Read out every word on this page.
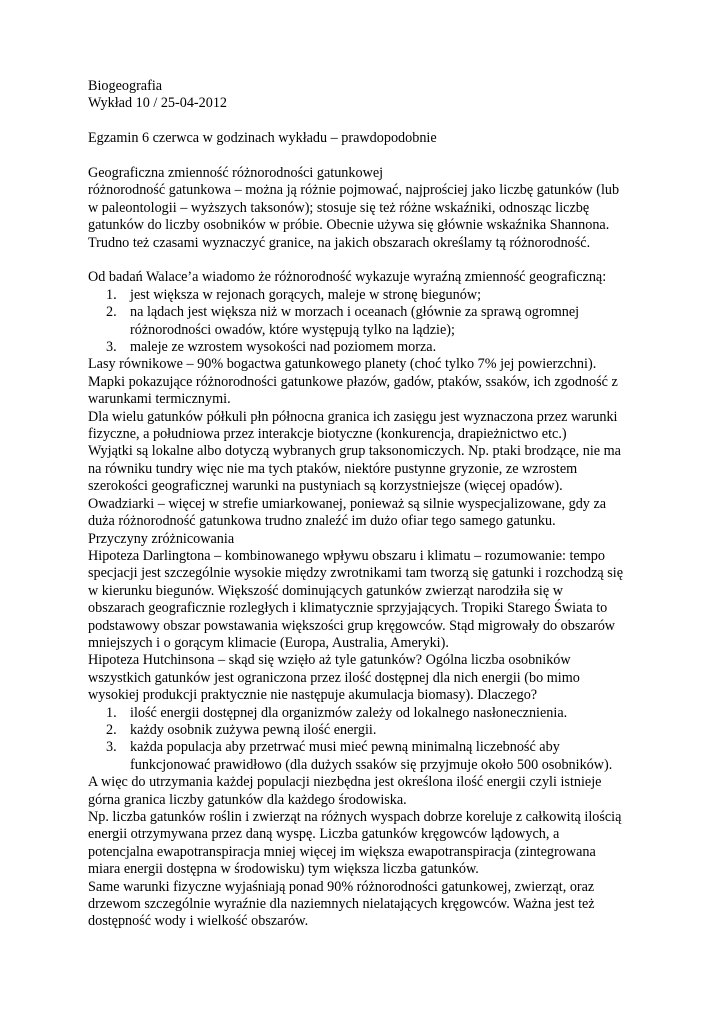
Biogeografia

Wykład 10 / 25-04-2012

Egzamin 6 czerwca w godzinach wykładu – prawdopodobnie

Geograficzna zmienność różnorodności gatunkowej

różnorodność gatunkowa – można ją różnie pojmować, najprościej jako liczbę gatunków (lub

w paleontologii – wyższych taksonów); stosuje się też różne wskaźniki, odnosząc liczbę

gatunków do liczby osobników w próbie. Obecnie używa się głównie wskaźnika Shannona.

Trudno też czasami wyznaczyć granice, na jakich obszarach określamy tą różnorodność.

Od badań Walace’a wiadomo że różnorodność wykazuje wyraźną zmienność geograficzną:

1. jest większa w rejonach gorących, maleje w stronę biegunów;

2. na lądach jest większa niż w morzach i oceanach (głównie za sprawą ogromnej

różnorodności owadów, które występują tylko na lądzie);

3. maleje ze wzrostem wysokości nad poziomem morza.

Lasy równikowe – 90% bogactwa gatunkowego planety (choć tylko 7% jej powierzchni).

Mapki pokazujące różnorodności gatunkowe płazów, gadów, ptaków, ssaków, ich zgodność z

warunkami termicznymi.

Dla wielu gatunków półkuli płn północna granica ich zasięgu jest wyznaczona przez warunki

fizyczne, a południowa przez interakcje biotyczne (konkurencja, drapieżnictwo etc.)

Wyjątki są lokalne albo dotyczą wybranych grup taksonomiczych. Np. ptaki brodzące, nie ma

na równiku tundry więc nie ma tych ptaków, niektóre pustynne gryzonie, ze wzrostem

szerokości geograficznej warunki na pustyniach są korzystniejsze (więcej opadów).

Owadziarki – więcej w strefie umiarkowanej, ponieważ są silnie wyspecjalizowane, gdy za

duża różnorodność gatunkowa trudno znaleźć im dużo ofiar tego samego gatunku.

Przyczyny zróżnicowania

Hipoteza Darlingtona – kombinowanego wpływu obszaru i klimatu – rozumowanie: tempo

specjacji jest szczególnie wysokie między zwrotnikami tam tworzą się gatunki i rozchodzą się

w kierunku biegunów. Większość dominujących gatunków zwierząt narodziła się w

obszarach geograficznie rozległych i klimatycznie sprzyjających. Tropiki Starego Świata to

podstawowy obszar powstawania większości grup kręgowców. Stąd migrowały do obszarów

mniejszych i o gorącym klimacie (Europa, Australia, Ameryki).

Hipoteza Hutchinsona – skąd się wzięło aż tyle gatunków? Ogólna liczba osobników

wszystkich gatunków jest ograniczona przez ilość dostępnej dla nich energii (bo mimo

wysokiej produkcji praktycznie nie następuje akumulacja biomasy). Dlaczego?

1. ilość energii dostępnej dla organizmów zależy od lokalnego nasłonecznienia.

2. każdy osobnik zużywa pewną ilość energii.

3. każda populacja aby przetrwać musi mieć pewną minimalną liczebność aby

funkcjonować prawidłowo (dla dużych ssaków się przyjmuje około 500 osobników).

A więc do utrzymania każdej populacji niezbędna jest określona ilość energii czyli istnieje

górna granica liczby gatunków dla każdego środowiska.

Np. liczba gatunków roślin i zwierząt na różnych wyspach dobrze koreluje z całkowitą ilością

energii otrzymywana przez daną wyspę. Liczba gatunków kręgowców lądowych, a

potencjalna ewapotranspiracja mniej więcej im większa ewapotranspiracja (zintegrowana

miara energii dostępna w środowisku) tym większa liczba gatunków.

Same warunki fizyczne wyjaśniają ponad 90% różnorodności gatunkowej, zwierząt, oraz

drzewom szczególnie wyraźnie dla naziemnych nielatających kręgowców. Ważna jest też

dostępność wody i wielkość obszarów.
